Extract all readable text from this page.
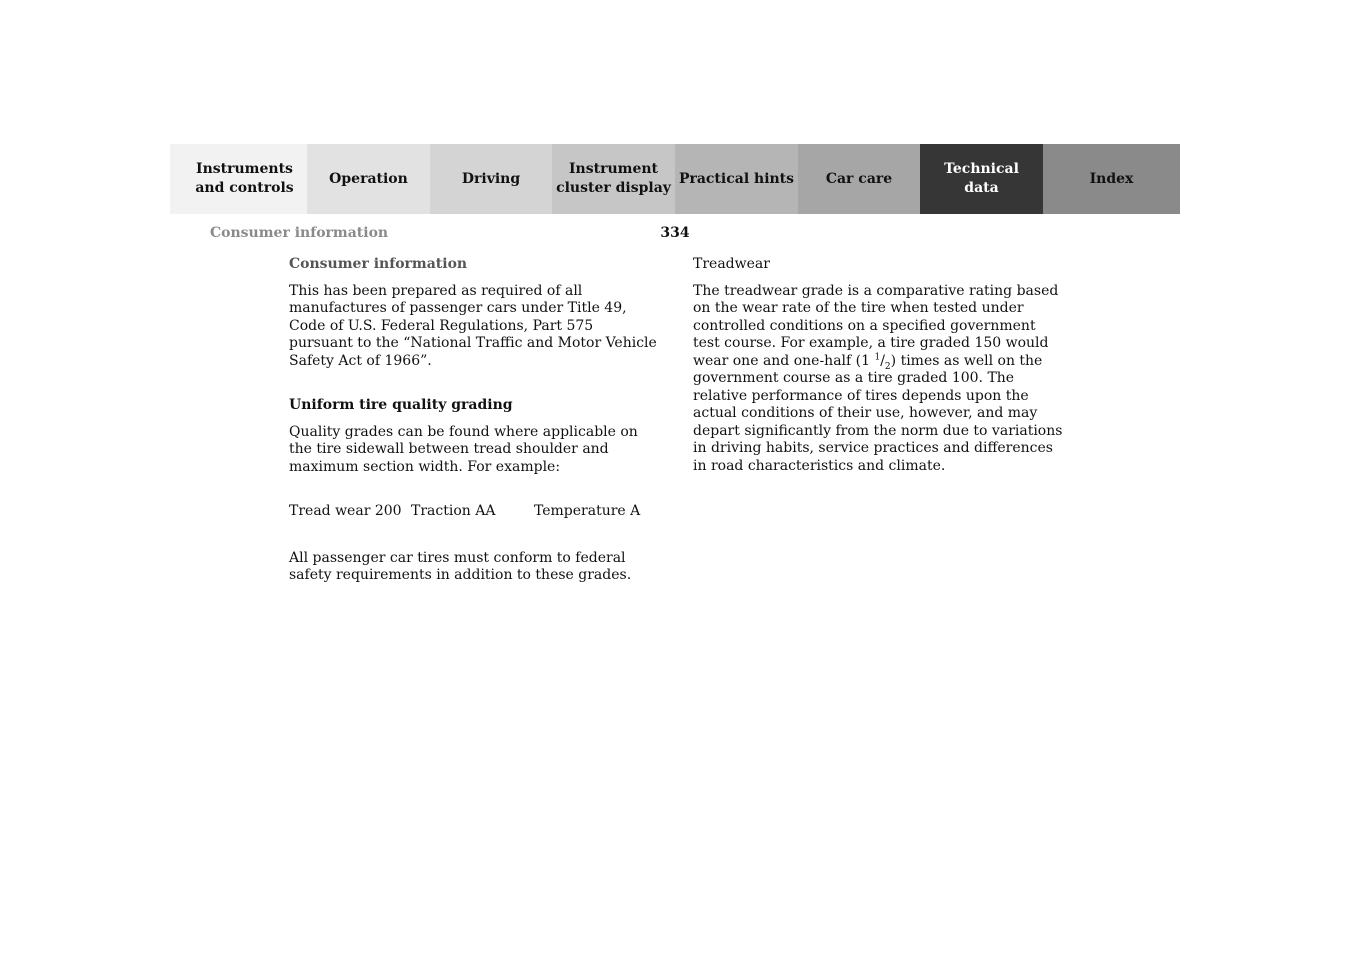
Instruments
and controls
Operation	Driving
Instrument
cluster display
Practical hints Car care
Technical
data
Index
Consumer information	334

Consumer information

This has been prepared as required of all manufactures of passenger cars under Title 49, Code of U.S. Federal Regulations, Part 575 pursuant to the “National Traffic and Motor Vehicle Safety Act of 1966”.

Uniform tire quality grading

Quality grades can be found where applicable on the tire sidewall between tread shoulder and maximum section width. For example:

Tread wear 200 Traction AA	Temperature A

All passenger car tires must conform to federal safety requirements in addition to these grades.

Treadwear

The treadwear grade is a comparative rating based on the wear rate of the tire when tested under controlled conditions on a specified government test course. For example, a tire graded 150 would wear one and one-half (1 $^1/_2$) times as well on the government course as a tire graded 100. The relative performance of tires depends upon the actual conditions of their use, however, and may depart significantly from the norm due to variations in driving habits, service practices and differences in road characteristics and climate.
